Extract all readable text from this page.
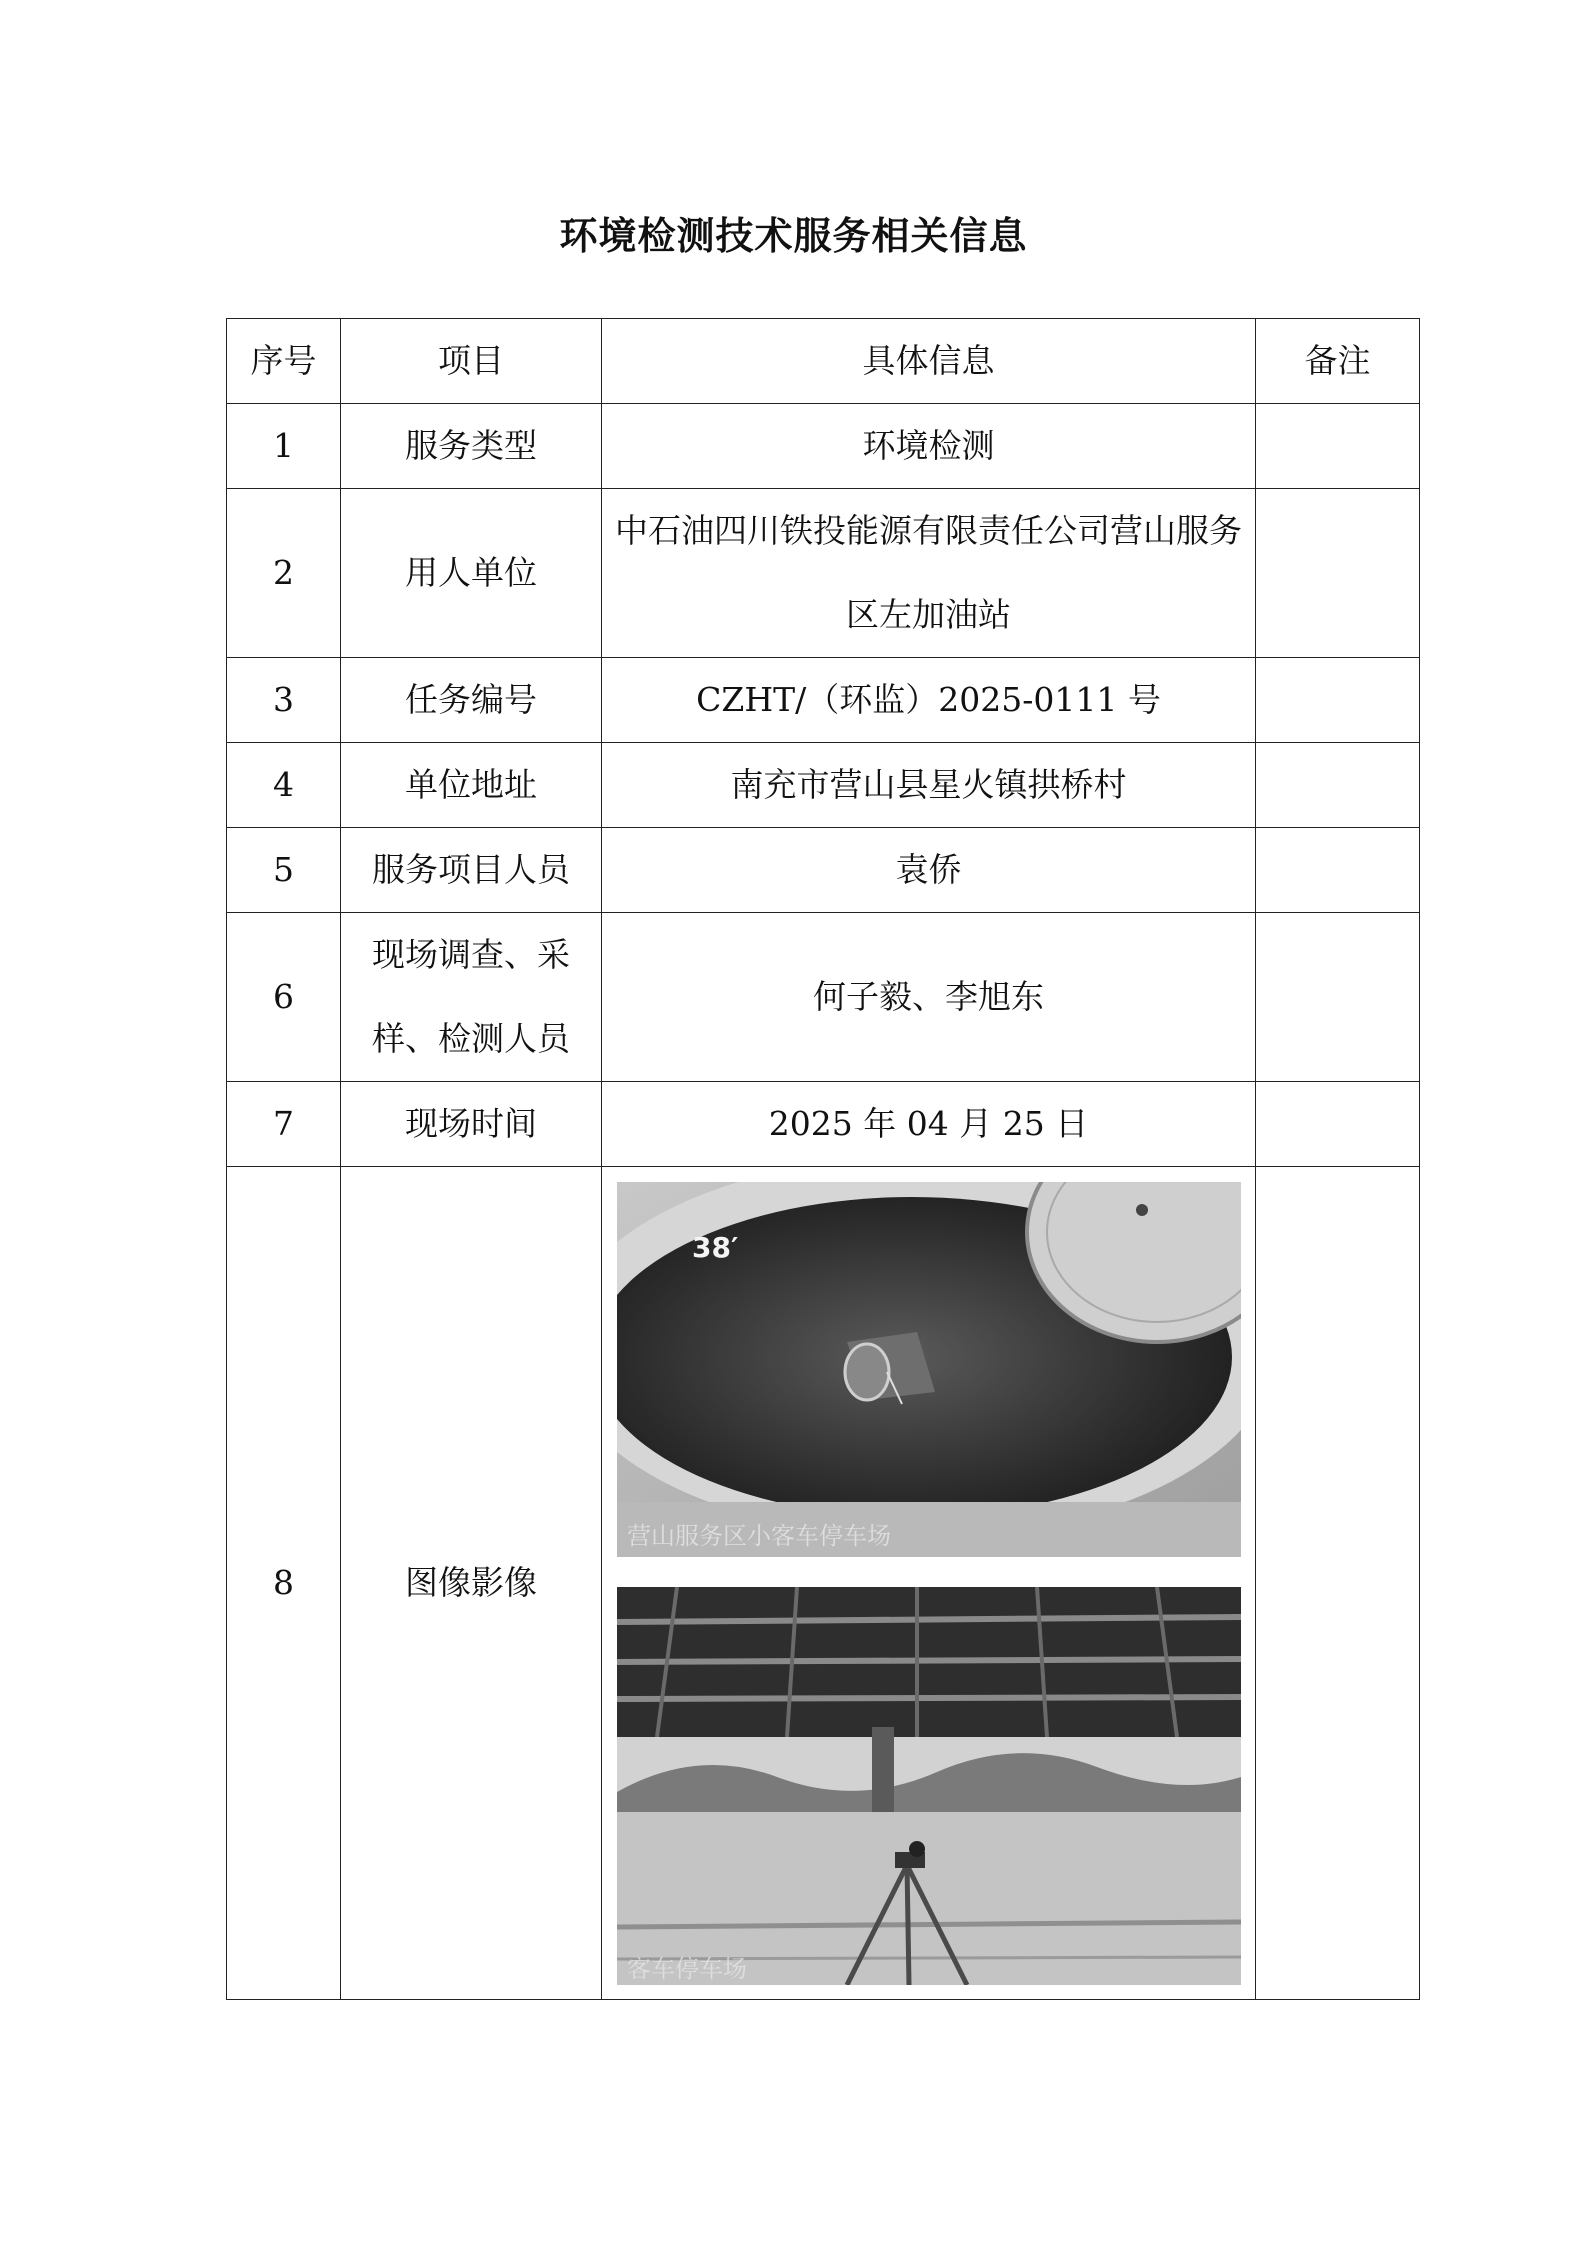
环境检测技术服务相关信息
序号	项目	具体信息	备注
1	服务类型	环境检测	
2	用人单位	中石油四川铁投能源有限责任公司营山服务区左加油站	
3	任务编号	CZHT/（环监）2025-0111 号	
4	单位地址	南充市营山县星火镇拱桥村	
5	服务项目人员	袁侨	
6	现场调查、采样、检测人员	何子毅、李旭东	
7	现场时间	2025 年 04 月 25 日	
8	图像影像	38′
营山服务区小客车停车场
客车停车场	
